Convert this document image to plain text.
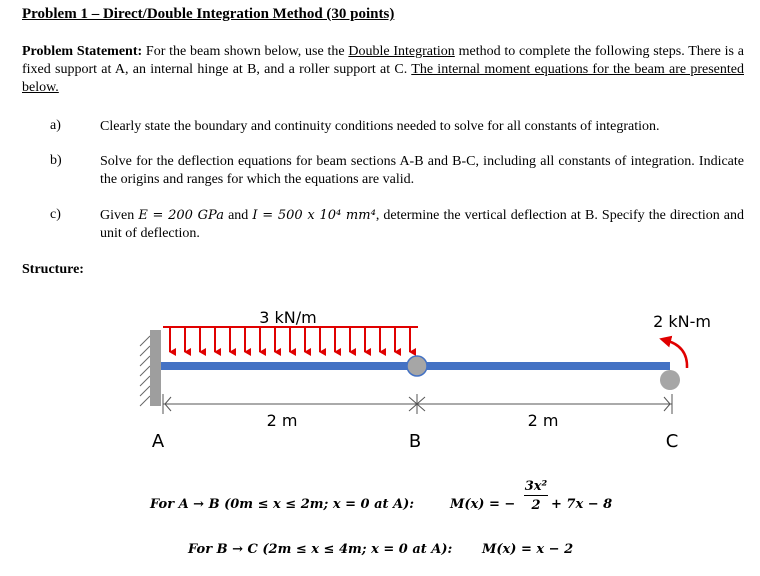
Problem 1 – Direct/Double Integration Method (30 points)
Problem Statement: For the beam shown below, use the Double Integration method to complete the following steps. There is a fixed support at A, an internal hinge at B, and a roller support at C. The internal moment equations for the beam are presented below.
a)	Clearly state the boundary and continuity conditions needed to solve for all constants of integration.
b)	Solve for the deflection equations for beam sections A-B and B-C, including all constants of integration. Indicate the origins and ranges for which the equations are valid.
c)	Given E = 200 GPa and I = 500 x 10⁴ mm⁴, determine the vertical deflection at B. Specify the direction and unit of deflection.
Structure:
3 kN/m	2 kN-m
2 m	2 m
A	B	C
For A → B (0m ≤ x ≤ 2m; x = 0 at A):	M(x) = −
3x²
2 + 7x − 8
For B → C (2m ≤ x ≤ 4m; x = 0 at A): M(x) = x − 2
